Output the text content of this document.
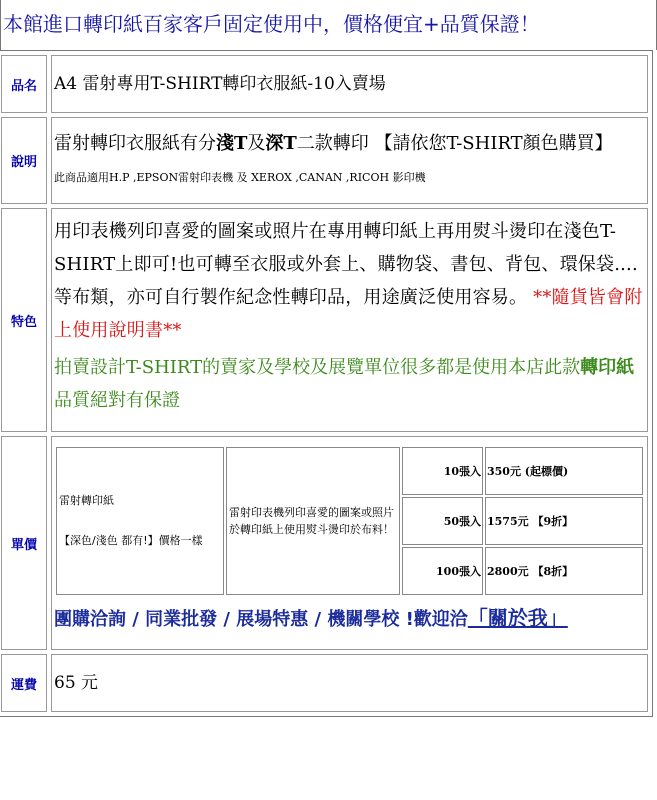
本館進口轉印紙百家客戶固定使用中，價格便宜+品質保證！
品名	A4 雷射專用T-SHIRT轉印衣服紙-10入賣場
說明	
雷射轉印衣服紙有分淺T及深T二款轉印 【請依您T-SHIRT顏色購買】
此商品適用H.P ,EPSON雷射印表機 及 XEROX ,CANAN ,RICOH 影印機

特色	
用印表機列印喜愛的圖案或照片在專用轉印紙上再用熨斗燙印在淺色T-SHIRT上即可!也可轉至衣服或外套上、購物袋、書包、背包、環保袋....等布類，亦可自行製作紀念性轉印品，用途廣泛使用容易。 **隨貨皆會附上使用說明書**
拍賣設計T-SHIRT的賣家及學校及展覽單位很多都是使用本店此款轉印紙品質絕對有保證

單價	
雷射轉印紙

【深色/淺色 都有!】價格一樣	雷射印表機列印喜愛的圖案或照片於轉印紙上使用熨斗燙印於布料！	10張入	350元 (起標價)
50張入	1575元 【9折】
100張入	2800元 【8折】
團購洽詢 / 同業批發 / 展場特惠 / 機關學校 !歡迎洽「關於我」

運費	65 元
